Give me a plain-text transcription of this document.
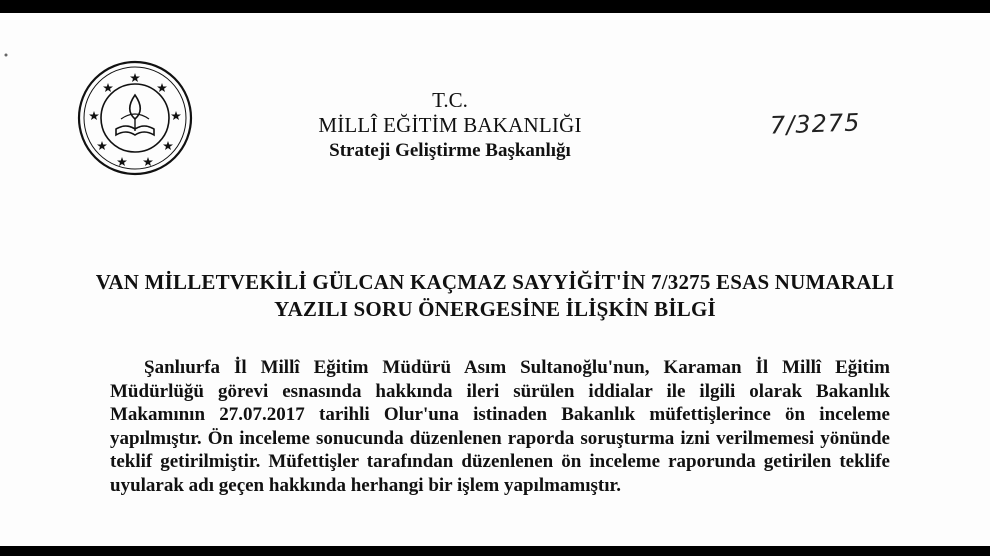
T.C.
MİLLÎ EĞİTİM BAKANLIĞI
Strateji Geliştirme Başkanlığı
7/3275
VAN MİLLETVEKİLİ GÜLCAN KAÇMAZ SAYYİĞİT'İN 7/3275 ESAS NUMARALI
YAZILI SORU ÖNERGESİNE İLİŞKİN BİLGİ
Şanlıurfa İl Millî Eğitim Müdürü Asım Sultanoğlu'nun, Karaman İl Millî Eğitim Müdürlüğü görevi esnasında hakkında ileri sürülen iddialar ile ilgili olarak Bakanlık Makamının 27.07.2017 tarihli Olur'una istinaden Bakanlık müfettişlerince ön inceleme yapılmıştır. Ön inceleme sonucunda düzenlenen raporda soruşturma izni verilmemesi yönünde teklif getirilmiştir. Müfettişler tarafından düzenlenen ön inceleme raporunda getirilen teklife uyularak adı geçen hakkında herhangi bir işlem yapılmamıştır.
